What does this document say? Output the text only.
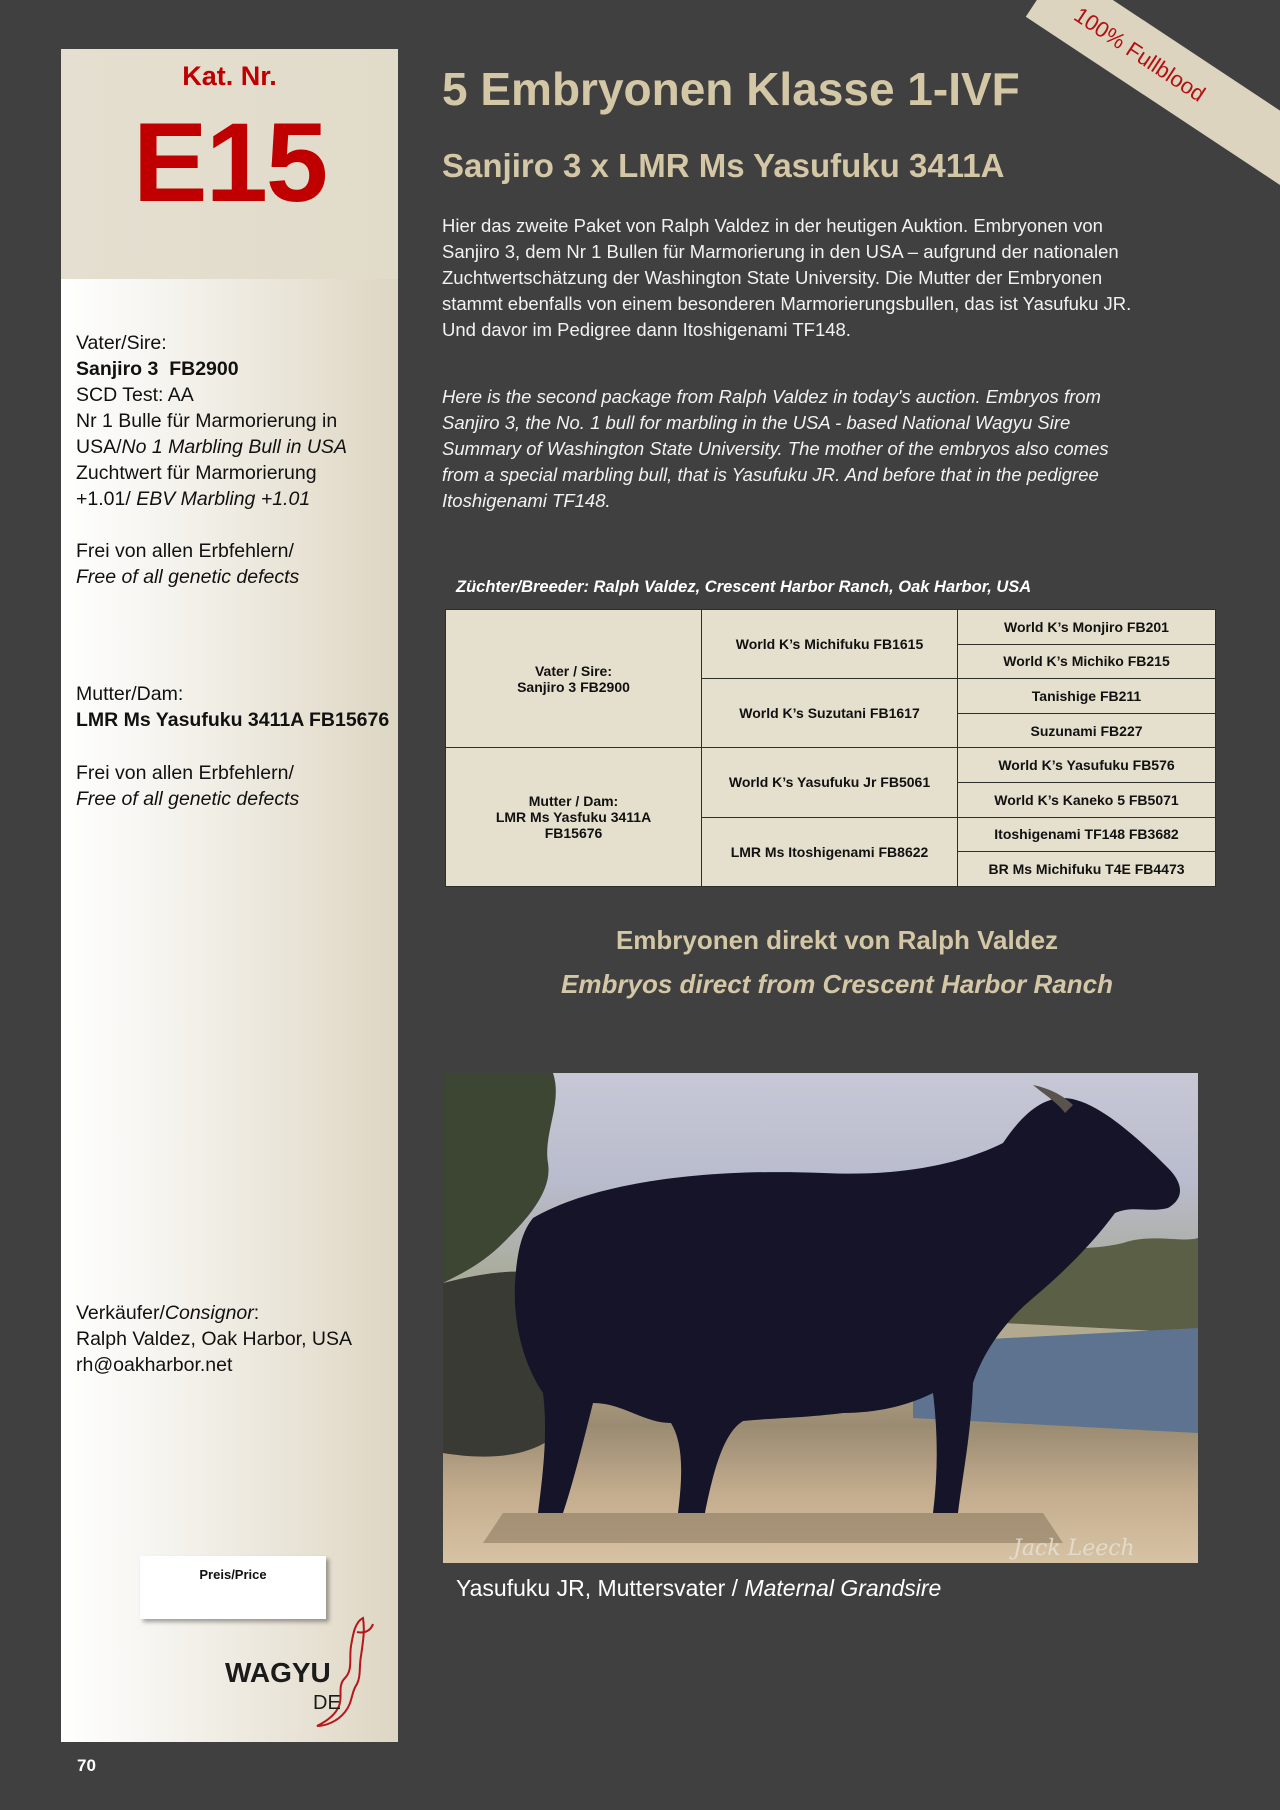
100% Fullblood
Kat. Nr.
E15
Vater/Sire:
Sanjiro 3  FB2900
SCD Test: AA
Nr 1 Bulle für Marmorierung in USA/No 1 Marbling Bull in USA
Zuchtwert für Marmorierung +1.01/ EBV Marbling +1.01
Frei von allen Erbfehlern/
Free of all genetic defects
Mutter/Dam:
LMR Ms Yasufuku 3411A FB15676
Frei von allen Erbfehlern/
Free of all genetic defects
Verkäufer/Consignor:
Ralph Valdez, Oak Harbor, USA
rh@oakharbor.net
Preis/Price
WAGYU
DE
70
5 Embryonen Klasse 1-IVF
Sanjiro 3 x LMR Ms Yasufuku 3411A
Hier das zweite Paket von Ralph Valdez in der heutigen Auktion. Embryonen von Sanjiro 3, dem Nr 1 Bullen für Marmorierung in den USA – aufgrund der nationalen Zuchtwertschätzung der Washington State University. Die Mutter der Embryonen stammt ebenfalls von einem besonderen Marmorierungsbullen, das ist Yasufuku JR. Und davor im Pedigree dann Itoshigenami TF148.
Here is the second package from Ralph Valdez in today's auction. Embryos from Sanjiro 3, the No. 1 bull for marbling in the USA - based National Wagyu Sire Summary of Washington State University. The mother of the embryos also comes from a special marbling bull, that is Yasufuku JR. And before that in the pedigree Itoshigenami TF148.
Züchter/Breeder: Ralph Valdez, Crescent Harbor Ranch, Oak Harbor, USA
Vater / Sire:
Sanjiro 3 FB2900	World K’s Michifuku FB1615	World K’s Monjiro FB201
		World K’s Michiko FB215
	World K’s Suzutani FB1617	Tanishige FB211
		Suzunami FB227

Mutter / Dam:
LMR Ms Yasfuku 3411A
FB15676	World K’s Yasufuku Jr FB5061	World K’s Yasufuku FB576
		World K’s Kaneko 5 FB5071
	LMR Ms Itoshigenami FB8622	Itoshigenami TF148 FB3682
		BR Ms Michifuku T4E FB4473
Embryonen direkt von Ralph Valdez
Embryos direct from Crescent Harbor Ranch
Jack Leech
Yasufuku JR, Muttersvater / Maternal Grandsire
